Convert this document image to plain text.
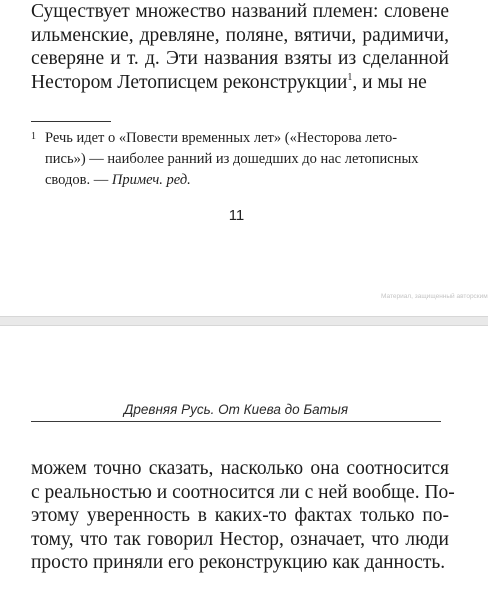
Существует множество названий племен: словене
ильменские, древляне, поляне, вятичи, радимичи,
северяне и т. д. Эти названия взяты из сделанной
Нестором Летописцем реконструкции$^1$, и мы не
1 Речь идет о «Повести временных лет» («Несторова лето-
пись») — наиболее ранний из дошедших до нас летописных
сводов. — Примеч. ред.
11
Материал, защищенный авторским
Древняя Русь. От Киева до Батыя
можем точно сказать, насколько она соотносится
с реальностью и соотносится ли с ней вообще. По-
этому уверенность в каких-то фактах только по-
тому, что так говорил Нестор, означает, что люди
просто приняли его реконструкцию как данность.
